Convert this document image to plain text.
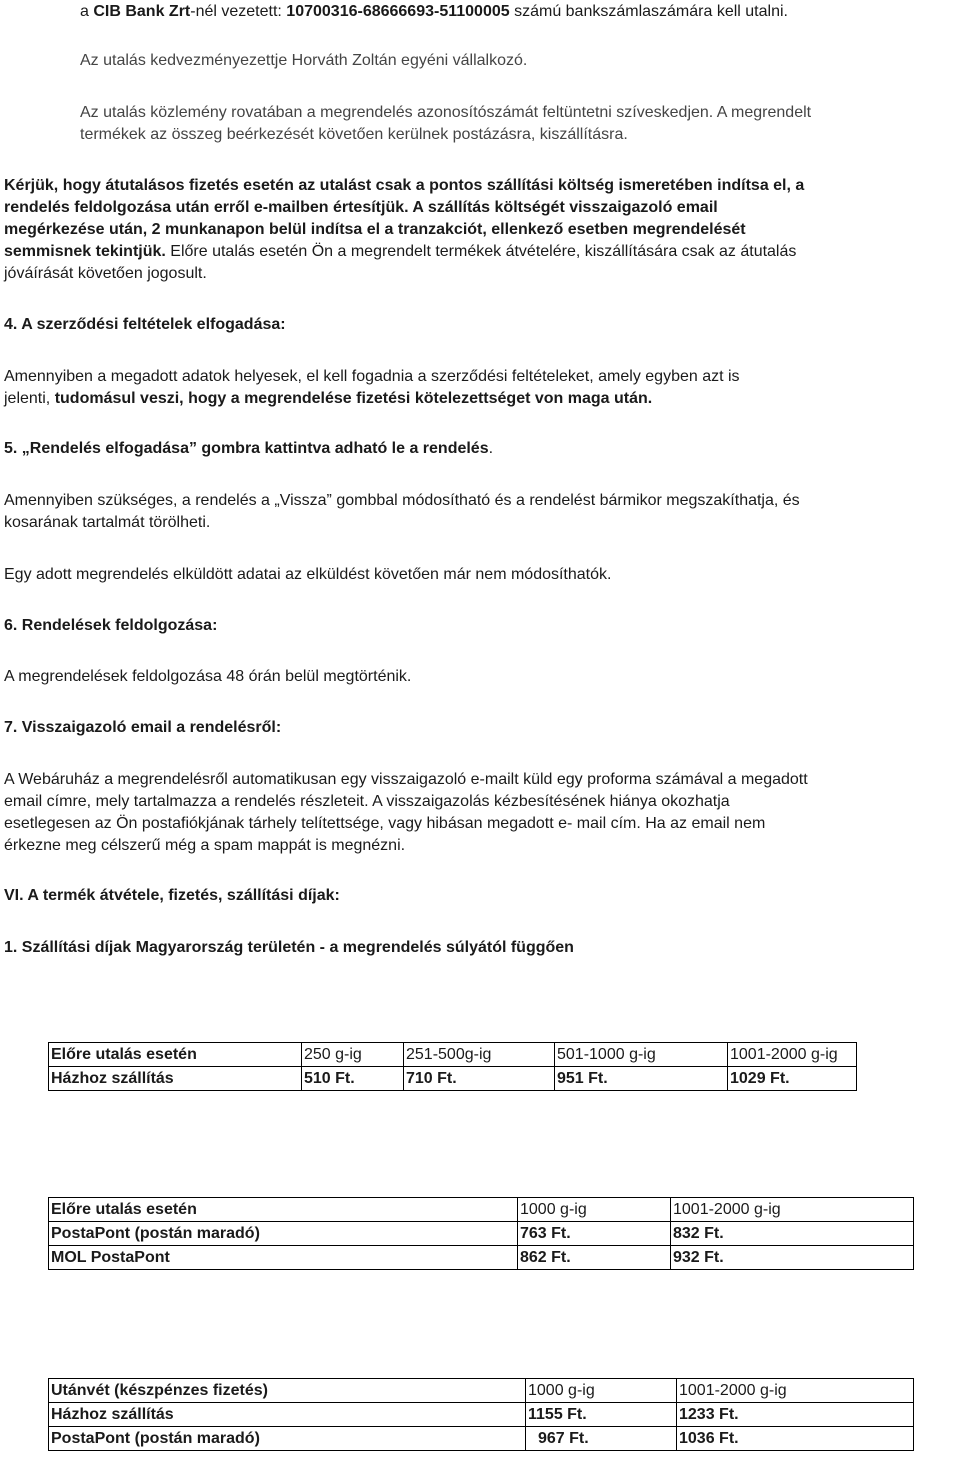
a CIB Bank Zrt-nél vezetett: 10700316-68666693-51100005 számú bankszámlaszámára kell utalni.

Az utalás kedvezményezettje Horváth Zoltán egyéni vállalkozó.

Az utalás közlemény rovatában a megrendelés azonosítószámát feltüntetni szíveskedjen. A megrendelt

termékek az összeg beérkezését követően kerülnek postázásra, kiszállításra.

Kérjük, hogy átutalásos fizetés esetén az utalást csak a pontos szállítási költség ismeretében indítsa el, a

rendelés feldolgozása után erről e-mailben értesítjük. A szállítás költségét visszaigazoló email

megérkezése után, 2 munkanapon belül indítsa el a tranzakciót, ellenkező esetben megrendelését

semmisnek tekintjük. Előre utalás esetén Ön a megrendelt termékek átvételére, kiszállítására csak az átutalás

jóváírását követően jogosult.

4. A szerződési feltételek elfogadása:

Amennyiben a megadott adatok helyesek, el kell fogadnia a szerződési feltételeket, amely egyben azt is

jelenti, tudomásul veszi, hogy a megrendelése fizetési kötelezettséget von maga után.

5. „Rendelés elfogadása” gombra kattintva adható le a rendelés.

Amennyiben szükséges, a rendelés a „Vissza” gombbal módosítható és a rendelést bármikor megszakíthatja, és

kosarának tartalmát törölheti.

Egy adott megrendelés elküldött adatai az elküldést követően már nem módosíthatók.

6. Rendelések feldolgozása:

A megrendelések feldolgozása 48 órán belül megtörténik.

7. Visszaigazoló email a rendelésről:

A Webáruház a megrendelésről automatikusan egy visszaigazoló e-mailt küld egy proforma számával a megadott

email címre, mely tartalmazza a rendelés részleteit. A visszaigazolás kézbesítésének hiánya okozhatja

esetlegesen az Ön postafiókjának tárhely telítettsége, vagy hibásan megadott e- mail cím. Ha az email nem

érkezne meg célszerű még a spam mappát is megnézni.

VI. A termék átvétele, fizetés, szállítási díjak:

1. Szállítási díjak Magyarország területén - a megrendelés súlyától függően

Előre utalás esetén	250 g-ig	251-500g-ig	501-1000 g-ig	1001-2000 g-ig
Házhoz szállítás	510 Ft.	710 Ft.	951 Ft.	1029 Ft.
Előre utalás esetén	1000 g-ig	1001-2000 g-ig
PostaPont (postán maradó)	763 Ft.	832 Ft.
MOL PostaPont	862 Ft.	932 Ft.
Utánvét (készpénzes fizetés)	1000 g-ig	1001-2000 g-ig
Házhoz szállítás	1155 Ft.	1233 Ft.
PostaPont (postán maradó)	967 Ft.	1036 Ft.
